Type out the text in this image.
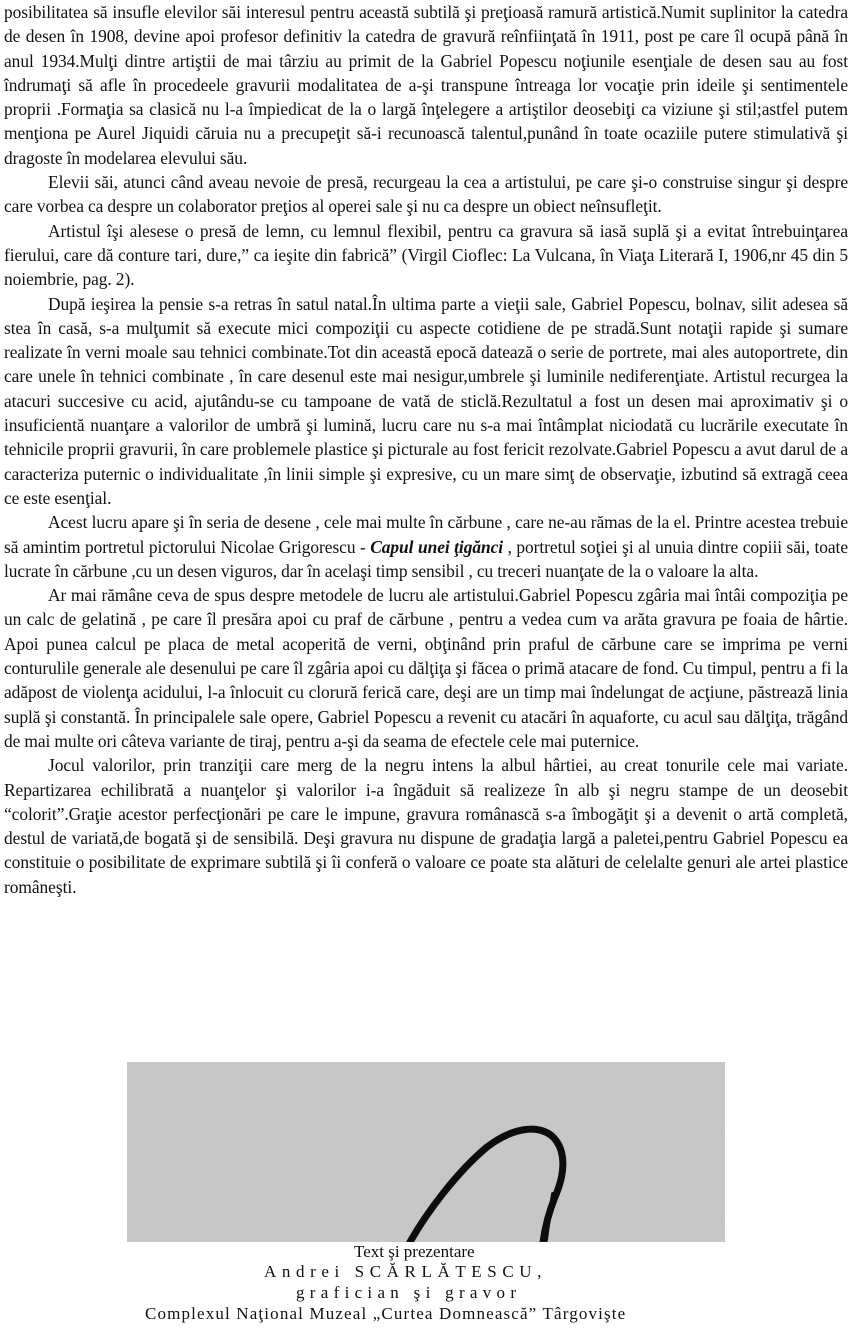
posibilitatea să insufle elevilor săi interesul pentru această subtilă şi preţioasă ramură artistică.Numit suplinitor la catedra de desen în 1908, devine apoi profesor definitiv la catedra de gravură reînfiinţată în 1911, post pe care îl ocupă până în anul 1934.Mulţi dintre artiştii de mai târziu au primit de la Gabriel Popescu noţiunile esenţiale de desen sau au fost îndrumaţi să afle în procedeele gravurii modalitatea de a-şi transpune întreaga lor vocaţie prin ideile şi sentimentele proprii .Formaţia sa clasică nu l-a împiedicat de la o largă înţelegere a artiştilor deosebiţi ca viziune şi stil;astfel putem menţiona pe Aurel Jiquidi căruia nu a precupeţit să-i recunoască talentul,punând în toate ocaziile putere stimulativă şi dragoste în modelarea elevului său.

Elevii săi, atunci când aveau nevoie de presă, recurgeau la cea a artistului, pe care şi-o construise singur şi despre care vorbea ca despre un colaborator preţios al operei sale şi nu ca despre un obiect neînsufleţit.

Artistul îşi alesese o presă de lemn, cu lemnul flexibil, pentru ca gravura să iasă suplă şi a evitat întrebuinţarea fierului, care dă conture tari, dure,” ca ieşite din fabrică” (Virgil Cioflec: La Vulcana, în Viaţa Literară I, 1906,nr 45 din 5 noiembrie, pag. 2).

După ieşirea la pensie s-a retras în satul natal.În ultima parte a vieţii sale, Gabriel Popescu, bolnav, silit adesea să stea în casă, s-a mulţumit să execute mici compoziţii cu aspecte cotidiene de pe stradă.Sunt notaţii rapide şi sumare realizate în verni moale sau tehnici combinate.Tot din această epocă datează o serie de portrete, mai ales autoportrete, din care unele în tehnici combinate , în care desenul este mai nesigur,umbrele şi luminile nediferenţiate. Artistul recurgea la atacuri succesive cu acid, ajutându-se cu tampoane de vată de sticlă.Rezultatul a fost un desen mai aproximativ şi o insuficientă nuanţare a valorilor de umbră şi lumină, lucru care nu s-a mai întâmplat niciodată cu lucrările executate în tehnicile proprii gravurii, în care problemele plastice şi picturale au fost fericit rezolvate.Gabriel Popescu a avut darul de a caracteriza puternic o individualitate ,în linii simple şi expresive, cu un mare simţ de observaţie, izbutind să extragă ceea ce este esenţial.

Acest lucru apare şi în seria de desene , cele mai multe în cărbune , care ne-au rămas de la el. Printre acestea trebuie să amintim portretul pictorului Nicolae Grigorescu - Capul unei ţigănci , portretul soţiei şi al unuia dintre copiii săi, toate lucrate în cărbune ,cu un desen viguros, dar în acelaşi timp sensibil , cu treceri nuanţate de la o valoare la alta.

Ar mai rămâne ceva de spus despre metodele de lucru ale artistului.Gabriel Popescu zgâria mai întâi compoziţia pe un calc de gelatină , pe care îl presăra apoi cu praf de cărbune , pentru a vedea cum va arăta gravura pe foaia de hârtie. Apoi punea calcul pe placa de metal acoperită de verni, obţinând prin praful de cărbune care se imprima pe verni conturulile generale ale desenului pe care îl zgâria apoi cu dălţiţa şi făcea o primă atacare de fond. Cu timpul, pentru a fi la adăpost de violenţa acidului, l-a înlocuit cu clorură ferică care, deşi are un timp mai îndelungat de acţiune, păstrează linia suplă şi constantă. În principalele sale opere, Gabriel Popescu a revenit cu atacări în aquaforte, cu acul sau dălţiţa, trăgând de mai multe ori câteva variante de tiraj, pentru a-şi da seama de efectele cele mai puternice.

Jocul valorilor, prin tranziţii care merg de la negru intens la albul hârtiei, au creat tonurile cele mai variate. Repartizarea echilibrată a nuanţelor şi valorilor i-a îngăduit să realizeze în alb şi negru stampe de un deosebit “colorit”.Graţie acestor perfecţionări pe care le impune, gravura românască s-a îmbogăţit şi a devenit o artă completă, destul de variată,de bogată şi de sensibilă. Deşi gravura nu dispune de gradaţia largă a paletei,pentru Gabriel Popescu ea constituie o posibilitate de exprimare subtilă şi îi conferă o valoare ce poate sta alături de celelalte genuri ale artei plastice româneşti.

Text şi prezentare
Andrei SCĂRLĂTESCU,
grafician şi gravor
Complexul Naţional Muzeal „Curtea Domnească” Târgovişte
